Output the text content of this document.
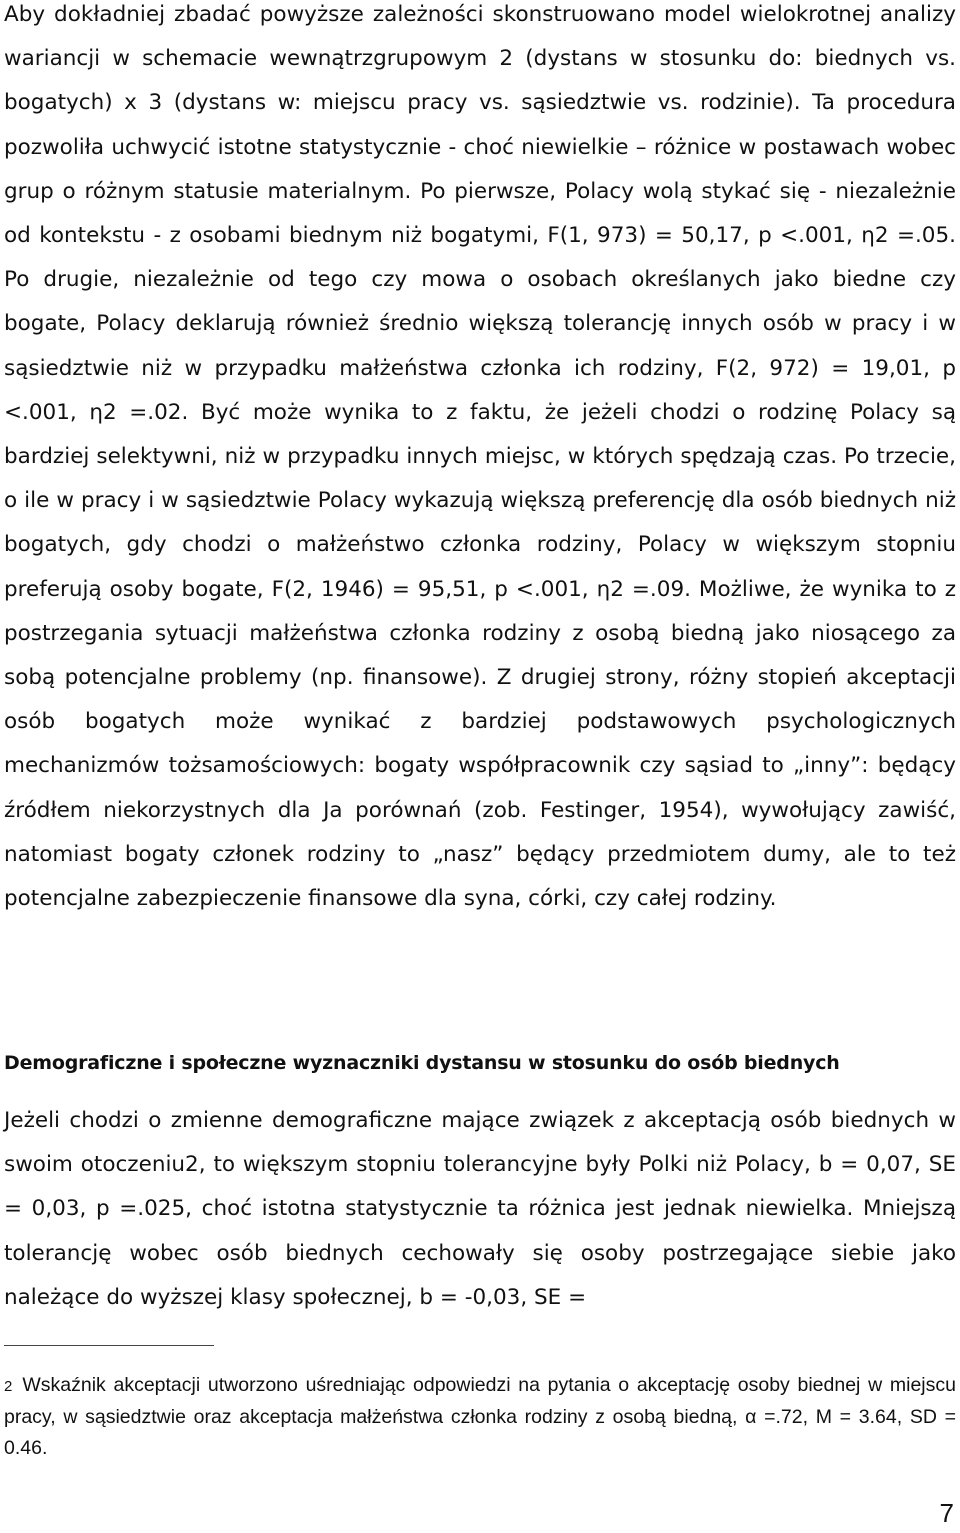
Aby dokładniej zbadać powyższe zależności skonstruowano model wielokrotnej analizy wariancji w schemacie wewnątrzgrupowym 2 (dystans w stosunku do: biednych vs. bogatych) x 3 (dystans w: miejscu pracy vs. sąsiedztwie vs. rodzinie). Ta procedura pozwoliła uchwycić istotne statystycznie - choć niewielkie – różnice w postawach wobec grup o różnym statusie materialnym. Po pierwsze, Polacy wolą stykać się - niezależnie od kontekstu - z osobami biednym niż bogatymi, F(1, 973) = 50,17, p <.001, η2 =.05. Po drugie, niezależnie od tego czy mowa o osobach określanych jako biedne czy bogate, Polacy deklarują również średnio większą tolerancję innych osób w pracy i w sąsiedztwie niż w przypadku małżeństwa członka ich rodziny, F(2, 972) = 19,01, p <.001, η2 =.02. Być może wynika to z faktu, że jeżeli chodzi o rodzinę Polacy są bardziej selektywni, niż w przypadku innych miejsc, w których spędzają czas. Po trzecie, o ile w pracy i w sąsiedztwie Polacy wykazują większą preferencję dla osób biednych niż bogatych, gdy chodzi o małżeństwo członka rodziny, Polacy w większym stopniu preferują osoby bogate, F(2, 1946) = 95,51, p <.001, η2 =.09. Możliwe, że wynika to z postrzegania sytuacji małżeństwa członka rodziny z osobą biedną jako niosącego za sobą potencjalne problemy (np. finansowe). Z drugiej strony, różny stopień akceptacji osób bogatych może wynikać z bardziej podstawowych psychologicznych mechanizmów tożsamościowych: bogaty współpracownik czy sąsiad to „inny”: będący źródłem niekorzystnych dla Ja porównań (zob. Festinger, 1954), wywołujący zawiść, natomiast bogaty członek rodziny to „nasz” będący przedmiotem dumy, ale to też potencjalne zabezpieczenie finansowe dla syna, córki, czy całej rodziny.

Demograficzne i społeczne wyznaczniki dystansu w stosunku do osób biednych

Jeżeli chodzi o zmienne demograficzne mające związek z akceptacją osób biednych w swoim otoczeniu2, to większym stopniu tolerancyjne były Polki niż Polacy, b = 0,07, SE = 0,03, p =.025, choć istotna statystycznie ta różnica jest jednak niewielka. Mniejszą tolerancję wobec osób biednych cechowały się osoby postrzegające siebie jako należące do wyższej klasy społecznej, b = -0,03, SE =

2 Wskaźnik akceptacji utworzono uśredniając odpowiedzi na pytania o akceptację osoby biednej w miejscu pracy, w sąsiedztwie oraz akceptacja małżeństwa członka rodziny z osobą biedną, α =.72, M = 3.64, SD = 0.46.

7
